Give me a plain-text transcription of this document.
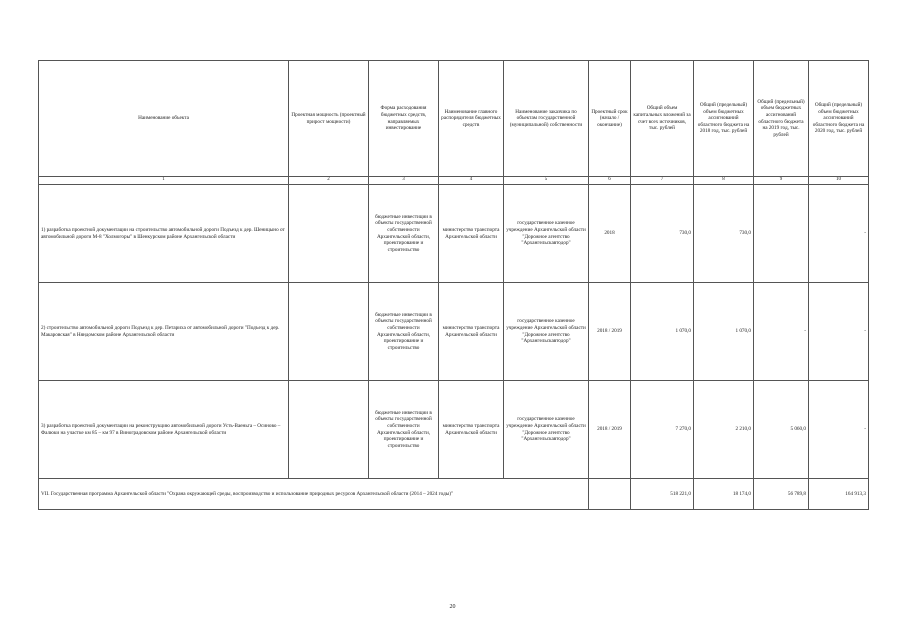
Наименование объекта	Проектная мощность (проектный прирост мощности)	Форма расходования бюджетных средств, направляемых инвестирование	Наименование главного распорядителя бюджетных средств	Наименование заказчика по объектам государственной (муниципальной) собственности	Проектный срок (начало / окончание)	Общий объем капитальных вложений за счет всех источников, тыс. рублей	Общий (предельный) объем бюджетных ассигнований областного бюджета на 2018 год, тыс. рублей	Общий (предельный) объем бюджетных ассигнований областного бюджета на 2019 год, тыс. рублей	Общий (предельный) объем бюджетных ассигнований областного бюджета на 2020 год, тыс. рублей
1	2	3	4	5	6	7	8	9	10
1) разработка проектной документации на строительство автомобильной дороги Подъезд к дер. Шеницыно от автомобильной дороги М-8 "Холмогоры" в Шенкурском районе Архангельской области		бюджетные инвестиции в объекты государственной собственности Архангельской области, проектирование и строительство	министерство транспорта Архангельской области	государственное казенное учреждение Архангельской области "Дорожное агентство "Архангельскавтодор"	2018	730,0	730,0		-
2) строительство автомобильной дороги Подъезд к дер. Петариха от автомобильной дороги "Подъезд к дер. Макаровская" в Няндомском районе Архангельской области		бюджетные инвестиции в объекты государственной собственности Архангельской области, проектирование и строительство	министерство транспорта Архангельской области	государственное казенное учреждение Архангельской области "Дорожное агентство "Архангельскавтодор"	2018 / 2019	1 070,0	1 070,0	-	-
3) разработка проектной документации на реконструкцию автомобильной дороги Усть-Ваеньга – Осиново – Фалюки на участке км 85 – км 97 в Виноградовском районе Архангельской области		бюджетные инвестиции в объекты государственной собственности Архангельской области, проектирование и строительство	министерство транспорта Архангельской области	государственное казенное учреждение Архангельской области "Дорожное агентство "Архангельскавтодор"	2018 / 2019	7 270,0	2 210,0	5 060,0	-
VII. Государственная программа Архангельской области "Охрана окружающей среды, воспроизводство и использование природных ресурсов Архангельской области (2014 – 2024 годы)"						518 221,0	18 174,0	56 789,8	164 913,3
20
